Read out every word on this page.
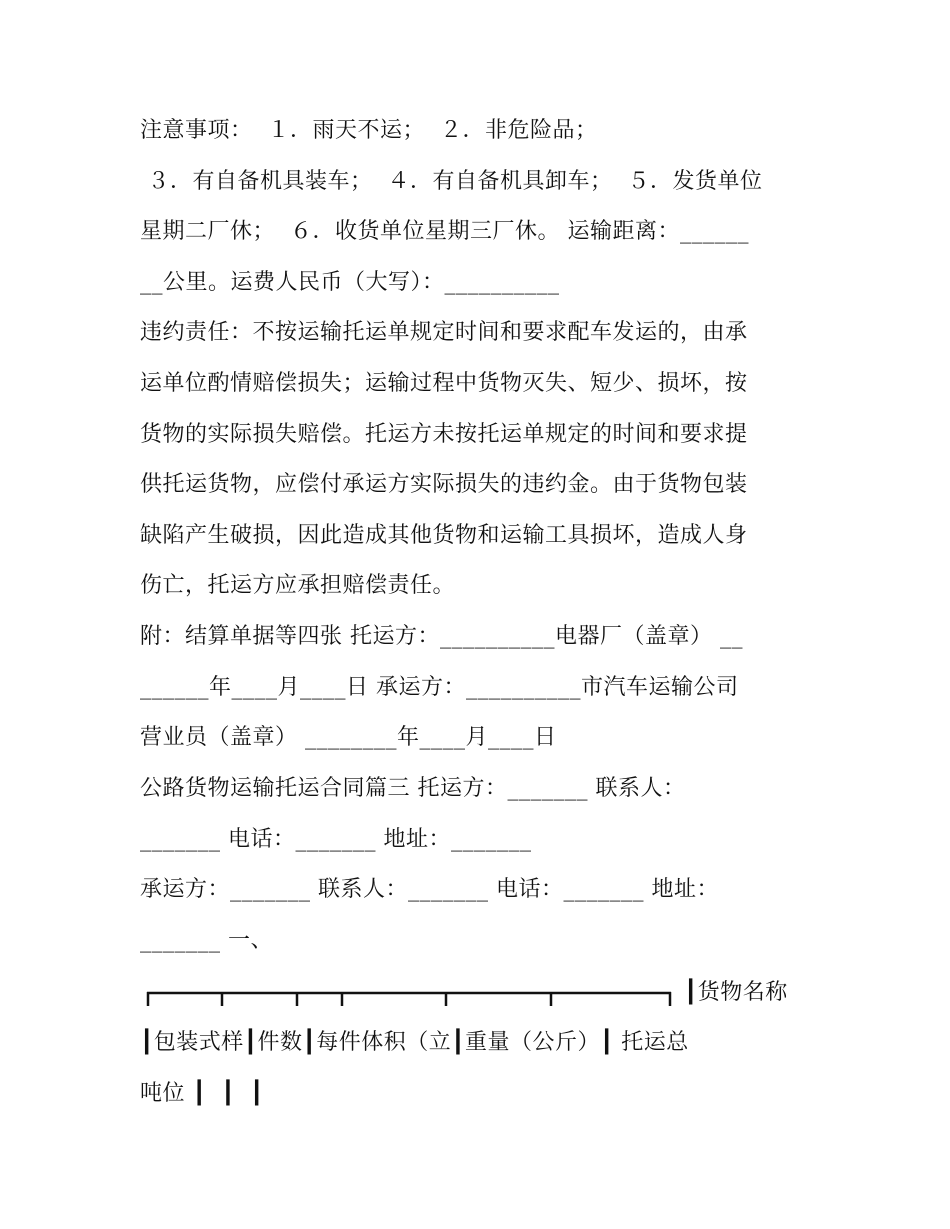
注意事项：  １．雨天不运；  ２．非危险品；
３．有自备机具装车；  ４．有自备机具卸车；  ５．发货单位
星期二厂休；  ６．收货单位星期三厂休。 运输距离：______
__公里。运费人民币（大写）：__________
违约责任：不按运输托运单规定时间和要求配车发运的，由承
运单位酌情赔偿损失；运输过程中货物灭失、短少、损坏，按
货物的实际损失赔偿。托运方未按托运单规定的时间和要求提
供托运货物，应偿付承运方实际损失的违约金。由于货物包装
缺陷产生破损，因此造成其他货物和运输工具损坏，造成人身
伤亡，托运方应承担赔偿责任。
附：结算单据等四张 托运方：__________电器厂（盖章） __
______年____月____日 承运方：__________市汽车运输公司
营业员（盖章） ________年____月____日
公路货物运输托运合同篇三 托运方：_______ 联系人：
_______ 电话：_______ 地址：_______
承运方：_______ 联系人：_______ 电话：_______ 地址：
_______ 一、
┃货物名称
┃包装式样┃件数┃每件体积（立┃重量（公斤）┃ 托运总
吨位 ┃  ┃  ┃
